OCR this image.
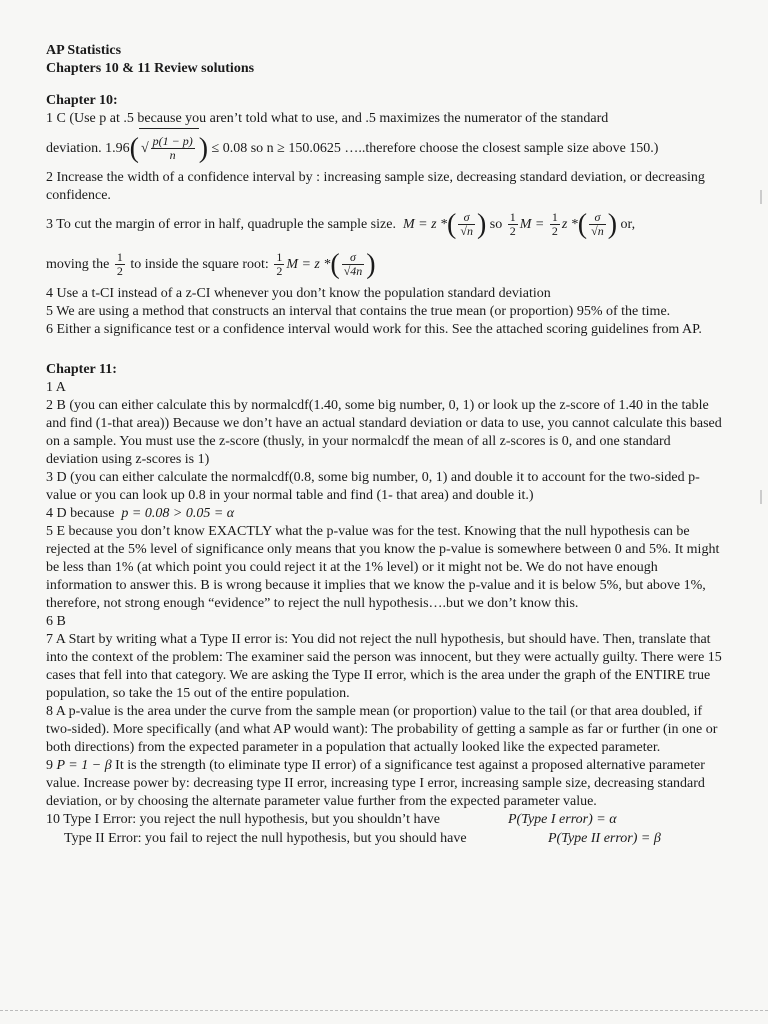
AP Statistics
Chapters 10 & 11 Review solutions
Chapter 10:

1 C (Use p at .5 because you aren’t told what to use, and .5 maximizes the numerator of the standard

deviation. 1.96( √ $\frac{p(1 - p)}{n}$ ) ≤ 0.08 so n ≥ 150.0625 …..therefore choose the closest sample size above 150.)

2 Increase the width of a confidence interval by : increasing sample size, decreasing standard deviation, or decreasing confidence.

3 To cut the margin of error in half, quadruple the sample size. M = z *( $\frac{\sigma}{√n}$ ) so $\frac{1}{2}$ $M = \frac{1}{2}$ z *( $\frac{\sigma}{√n}$ ) or,

moving the $\frac{1}{2}$ to inside the square root: $\frac{1}{2}$ M = z *( $\frac{\sigma}{√4n}$ )

4 Use a t-CI instead of a z-CI whenever you don’t know the population standard deviation

5 We are using a method that constructs an interval that contains the true mean (or proportion) 95% of the time.

6 Either a significance test or a confidence interval would work for this. See the attached scoring guidelines from AP.

Chapter 11:

1 A

2 B (you can either calculate this by normalcdf(1.40, some big number, 0, 1) or look up the z-score of 1.40 in the table and find (1-that area)) Because we don’t have an actual standard deviation or data to use, you cannot calculate this based on a sample. You must use the z-score (thusly, in your normalcdf the mean of all z-scores is 0, and one standard deviation using z-scores is 1)

3 D (you can either calculate the normalcdf(0.8, some big number, 0, 1) and double it to account for the two-sided p-value or you can look up 0.8 in your normal table and find (1- that area) and double it.)

4 D because p = 0.08 > 0.05 = α

5 E because you don’t know EXACTLY what the p-value was for the test. Knowing that the null hypothesis can be rejected at the 5% level of significance only means that you know the p-value is somewhere between 0 and 5%. It might be less than 1% (at which point you could reject it at the 1% level) or it might not be. We do not have enough information to answer this. B is wrong because it implies that we know the p-value and it is below 5%, but above 1%, therefore, not strong enough “evidence” to reject the null hypothesis….but we don’t know this.

6 B

7 A Start by writing what a Type II error is: You did not reject the null hypothesis, but should have. Then, translate that into the context of the problem: The examiner said the person was innocent, but they were actually guilty. There were 15 cases that fell into that category. We are asking the Type II error, which is the area under the graph of the ENTIRE true population, so take the 15 out of the entire population.

8 A p-value is the area under the curve from the sample mean (or proportion) value to the tail (or that area doubled, if two-sided). More specifically (and what AP would want): The probability of getting a sample as far or further (in one or both directions) from the expected parameter in a population that actually looked like the expected parameter.

9 P = 1 − β It is the strength (to eliminate type II error) of a significance test against a proposed alternative parameter value. Increase power by: decreasing type II error, increasing type I error, increasing sample size, decreasing standard deviation, or by choosing the alternate parameter value further from the expected parameter value.

10 Type I Error: you reject the null hypothesis, but you shouldn’t have	P(Type I error) = α
Type II Error: you fail to reject the null hypothesis, but you should have	P(Type II error) = β
